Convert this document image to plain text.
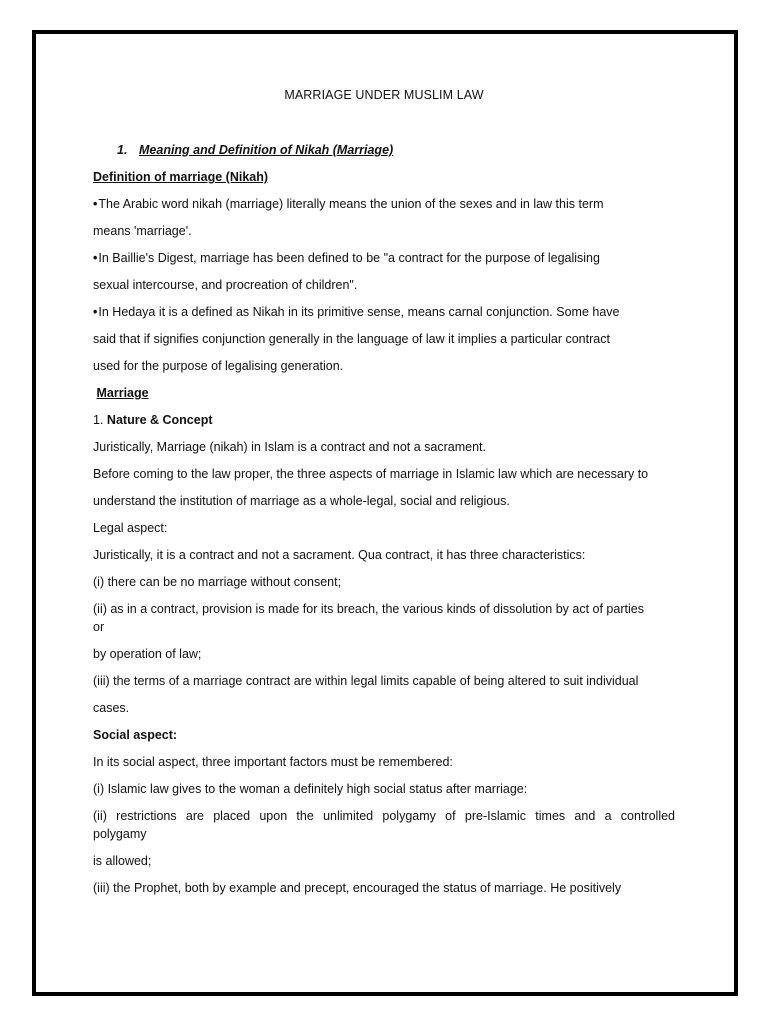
MARRIAGE UNDER MUSLIM LAW

1. Meaning and Definition of Nikah (Marriage)

Definition of marriage (Nikah)

• The Arabic word nikah (marriage) literally means the union of the sexes and in law this term

means 'marriage'.

• In Baillie's Digest, marriage has been defined to be "a contract for the purpose of legalising

sexual intercourse, and procreation of children".

• In Hedaya it is a defined as Nikah in its primitive sense, means carnal conjunction. Some have

said that if signifies conjunction generally in the language of law it implies a particular contract

used for the purpose of legalising generation.

Marriage

1. Nature & Concept

Juristically, Marriage (nikah) in Islam is a contract and not a sacrament.

Before coming to the law proper, the three aspects of marriage in Islamic law which are necessary to

understand the institution of marriage as a whole-legal, social and religious.

Legal aspect:

Juristically, it is a contract and not a sacrament. Qua contract, it has three characteristics:

(i) there can be no marriage without consent;

(ii) as in a contract, provision is made for its breach, the various kinds of dissolution by act of parties

or

by operation of law;

(iii) the terms of a marriage contract are within legal limits capable of being altered to suit individual

cases.

Social aspect:

In its social aspect, three important factors must be remembered:

(i) Islamic law gives to the woman a definitely high social status after marriage:

(ii) restrictions are placed upon the unlimited polygamy of pre-Islamic times and a controlled

polygamy

is allowed;

(iii) the Prophet, both by example and precept, encouraged the status of marriage. He positively
